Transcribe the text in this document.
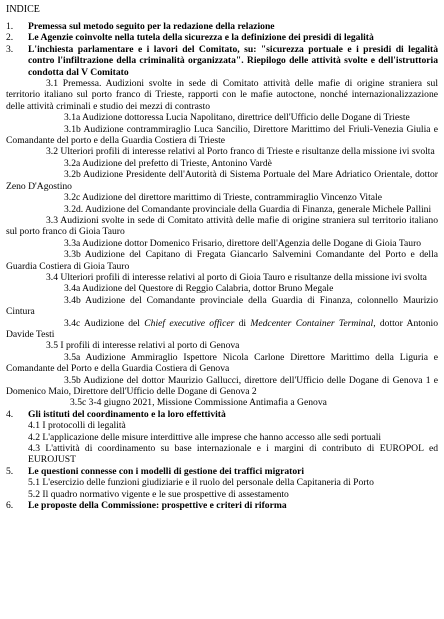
INDICE

1. Premessa sul metodo seguito per la redazione della relazione

2. Le Agenzie coinvolte nella tutela della sicurezza e la definizione dei presidi di legalità

3. L'inchiesta parlamentare e i lavori del Comitato, su: "sicurezza portuale e i presidi di legalità contro l'infiltrazione della criminalità organizzata". Riepilogo delle attività svolte e dell'istruttoria condotta dal V Comitato

3.1 Premessa. Audizioni svolte in sede di Comitato attività delle mafie di origine straniera sul territorio italiano sul porto franco di Trieste, rapporti con le mafie autoctone, nonché internazionalizzazione delle attività criminali e studio dei mezzi di contrasto

3.1a Audizione dottoressa Lucia Napolitano, direttrice dell'Ufficio delle Dogane di Trieste

3.1b Audizione contrammiraglio Luca Sancilio, Direttore Marittimo del Friuli-Venezia Giulia e Comandante del porto e della Guardia Costiera di Trieste

3.2 Ulteriori profili di interesse relativi al Porto franco di Trieste e risultanze della missione ivi svolta

3.2a Audizione del prefetto di Trieste, Antonino Vardè

3.2b Audizione Presidente dell'Autorità di Sistema Portuale del Mare Adriatico Orientale, dottor Zeno D'Agostino

3.2c Audizione del direttore marittimo di Trieste, contrammiraglio Vincenzo Vitale

3.2d. Audizione del Comandante provinciale della Guardia di Finanza, generale Michele Pallini

3.3 Audizioni svolte in sede di Comitato attività delle mafie di origine straniera sul territorio italiano sul porto franco di Gioia Tauro

3.3a Audizione dottor Domenico Frisario, direttore dell'Agenzia delle Dogane di Gioia Tauro

3.3b Audizione del Capitano di Fregata Giancarlo Salvemini Comandante del Porto e della Guardia Costiera di Gioia Tauro

3.4 Ulteriori profili di interesse relativi al porto di Gioia Tauro e risultanze della missione ivi svolta

3.4a Audizione del Questore di Reggio Calabria, dottor Bruno Megale

3.4b Audizione del Comandante provinciale della Guardia di Finanza, colonnello Maurizio Cintura

3.4c Audizione del Chief executive officer di Medcenter Container Terminal, dottor Antonio Davide Testi

3.5 I profili di interesse relativi al porto di Genova

3.5a Audizione Ammiraglio Ispettore Nicola Carlone Direttore Marittimo della Liguria e Comandante del Porto e della Guardia Costiera di Genova

3.5b Audizione del dottor Maurizio Gallucci, direttore dell'Ufficio delle Dogane di Genova 1 e Domenico Maio, Direttore dell'Ufficio delle Dogane di Genova 2

3.5c 3-4 giugno 2021, Missione Commissione Antimafia a Genova

4. Gli istituti del coordinamento e la loro effettività

4.1 I protocolli di legalità

4.2 L'applicazione delle misure interdittive alle imprese che hanno accesso alle sedi portuali

4.3 L'attività di coordinamento su base internazionale e i margini di contributo di EUROPOL ed EUROJUST

5. Le questioni connesse con i modelli di gestione dei traffici migratori

5.1 L'esercizio delle funzioni giudiziarie e il ruolo del personale della Capitaneria di Porto

5.2 Il quadro normativo vigente e le sue prospettive di assestamento

6. Le proposte della Commissione: prospettive e criteri di riforma
